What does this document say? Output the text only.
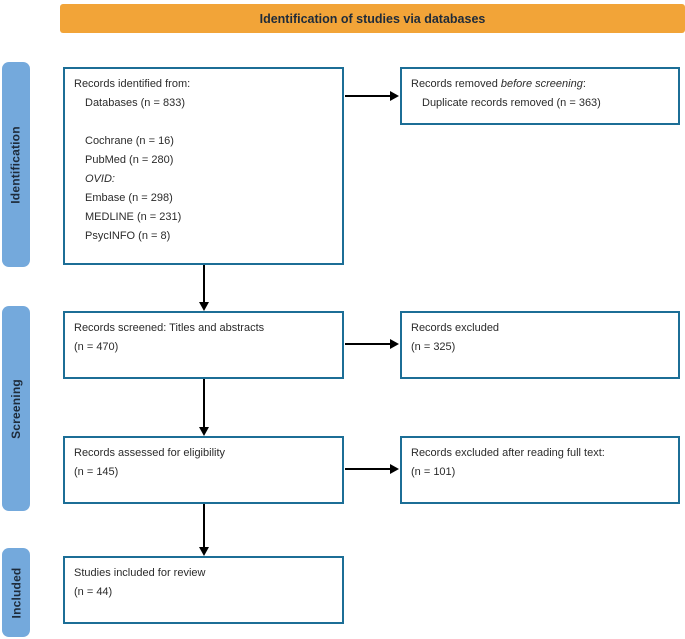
Identification of studies via databases
Identification
Screening
Included
Records identified from:
Databases (n = 833)
Cochrane (n = 16)
PubMed (n = 280)
OVID:
Embase (n = 298)
MEDLINE (n = 231)
PsycINFO (n = 8)
Records removed before screening:
Duplicate records removed (n = 363)
Records screened: Titles and abstracts
(n = 470)
Records excluded
(n = 325)
Records assessed for eligibility
(n = 145)
Records excluded after reading full text:
(n = 101)
Studies included for review
(n = 44)
